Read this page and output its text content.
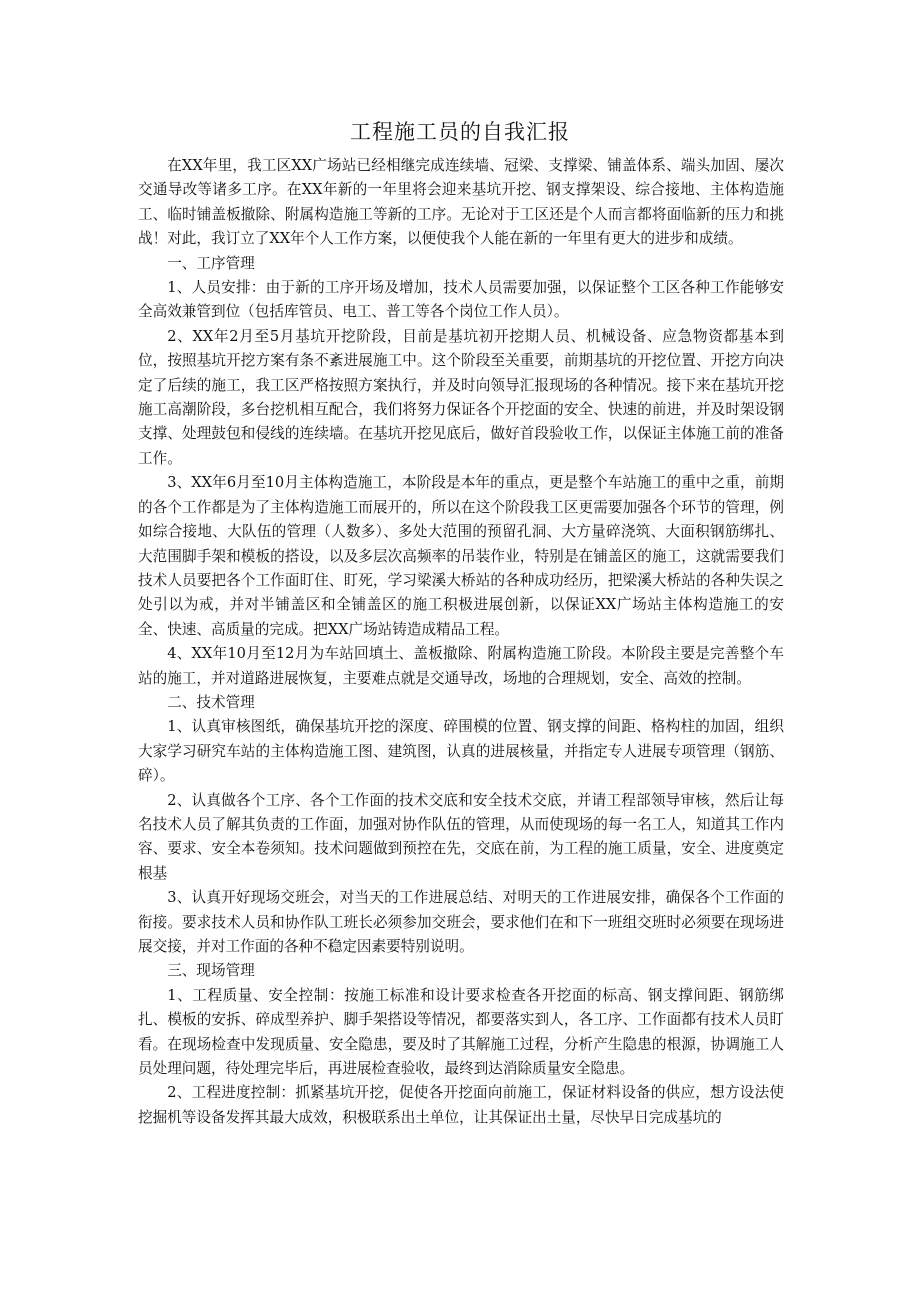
工程施工员的自我汇报

在XX年里，我工区XX广场站已经相继完成连续墙、冠梁、支撑梁、铺盖体系、端头加固、屡次交通导改等诸多工序。在XX年新的一年里将会迎来基坑开挖、钢支撑架设、综合接地、主体构造施工、临时铺盖板撤除、附属构造施工等新的工序。无论对于工区还是个人而言都将面临新的压力和挑战！对此，我订立了XX年个人工作方案，以便使我个人能在新的一年里有更大的进步和成绩。

一、工序管理

1、人员安排：由于新的工序开场及增加，技术人员需要加强，以保证整个工区各种工作能够安全高效兼管到位（包括库管员、电工、普工等各个岗位工作人员）。

2、XX年2月至5月基坑开挖阶段，目前是基坑初开挖期人员、机械设备、应急物资都基本到位，按照基坑开挖方案有条不紊进展施工中。这个阶段至关重要，前期基坑的开挖位置、开挖方向决定了后续的施工，我工区严格按照方案执行，并及时向领导汇报现场的各种情况。接下来在基坑开挖施工高潮阶段，多台挖机相互配合，我们将努力保证各个开挖面的安全、快速的前进，并及时架设钢支撑、处理鼓包和侵线的连续墙。在基坑开挖见底后，做好首段验收工作，以保证主体施工前的准备工作。

3、XX年6月至10月主体构造施工，本阶段是本年的重点，更是整个车站施工的重中之重，前期的各个工作都是为了主体构造施工而展开的，所以在这个阶段我工区更需要加强各个环节的管理，例如综合接地、大队伍的管理（人数多）、多处大范围的预留孔洞、大方量碎浇筑、大面积钢筋绑扎、大范围脚手架和模板的搭设，以及多层次高频率的吊装作业，特别是在铺盖区的施工，这就需要我们技术人员要把各个工作面盯住、盯死，学习梁溪大桥站的各种成功经历，把梁溪大桥站的各种失误之处引以为戒，并对半铺盖区和全铺盖区的施工积极进展创新，以保证XX广场站主体构造施工的安全、快速、高质量的完成。把XX广场站铸造成精品工程。

4、XX年10月至12月为车站回填土、盖板撤除、附属构造施工阶段。本阶段主要是完善整个车站的施工，并对道路进展恢复，主要难点就是交通导改，场地的合理规划，安全、高效的控制。

二、技术管理

1、认真审核图纸，确保基坑开挖的深度、碎围模的位置、钢支撑的间距、格构柱的加固，组织大家学习研究车站的主体构造施工图、建筑图，认真的进展核量，并指定专人进展专项管理（钢筋、碎）。

2、认真做各个工序、各个工作面的技术交底和安全技术交底，并请工程部领导审核，然后让每名技术人员了解其负责的工作面，加强对协作队伍的管理，从而使现场的每一名工人，知道其工作内容、要求、安全本卷须知。技术问题做到预控在先，交底在前，为工程的施工质量，安全、进度奠定根基

3、认真开好现场交班会，对当天的工作进展总结、对明天的工作进展安排，确保各个工作面的衔接。要求技术人员和协作队工班长必须参加交班会，要求他们在和下一班组交班时必须要在现场进展交接，并对工作面的各种不稳定因素要特别说明。

三、现场管理

1、工程质量、安全控制：按施工标准和设计要求检查各开挖面的标高、钢支撑间距、钢筋绑扎、模板的安拆、碎成型养护、脚手架搭设等情况，都要落实到人，各工序、工作面都有技术人员盯看。在现场检查中发现质量、安全隐患，要及时了其解施工过程，分析产生隐患的根源，协调施工人员处理问题，待处理完毕后，再进展检查验收，最终到达消除质量安全隐患。

2、工程进度控制：抓紧基坑开挖，促使各开挖面向前施工，保证材料设备的供应，想方设法使挖掘机等设备发挥其最大成效，积极联系出土单位，让其保证出土量，尽快早日完成基坑的
